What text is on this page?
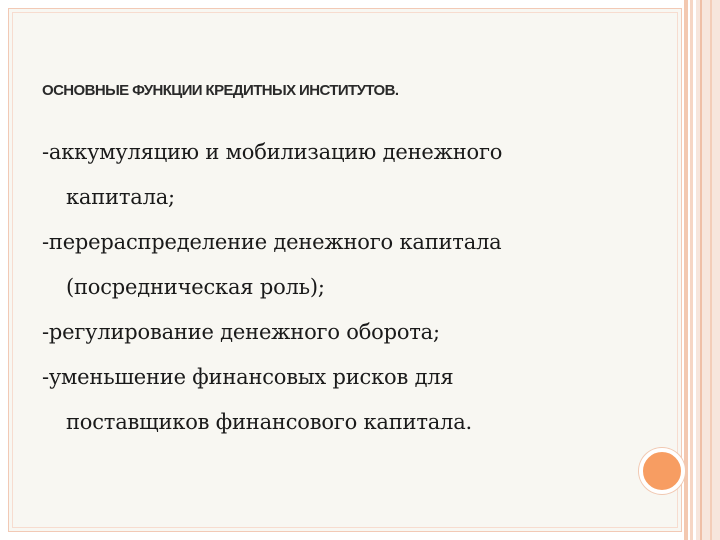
ОСНОВНЫЕ ФУНКЦИИ КРЕДИТНЫХ ИНСТИТУТОВ.
-аккумуляцию и мобилизацию денежного капитала;
-перераспределение денежного капитала (посредническая роль);
-регулирование денежного оборота;
-уменьшение финансовых рисков для поставщиков финансового капитала.
